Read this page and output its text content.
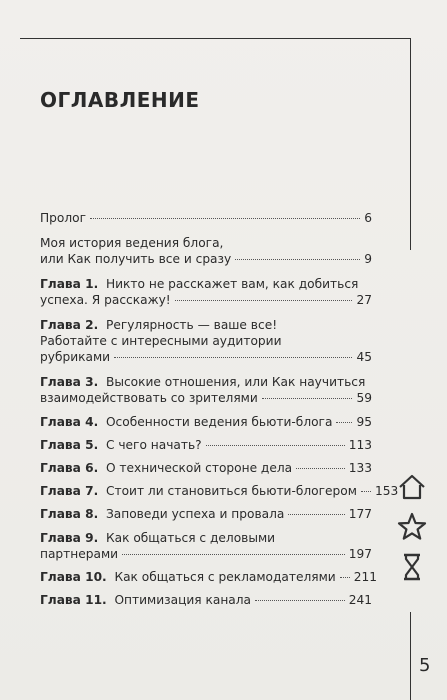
ОГЛАВЛЕНИЕ
Пролог	6
Моя история ведения блога,
или Как получить все и сразу	9
Глава 1. Никто не расскажет вам, как добиться
успеха. Я расскажу!	27
Глава 2. Регулярность — ваше все!
Работайте с интересными аудитории
рубриками	45
Глава 3. Высокие отношения, или Как научиться
взаимодействовать со зрителями	59
Глава 4. Особенности ведения бьюти-блога 95
Глава 5. С чего начать?	113
Глава 6. О технической стороне дела	133
Глава 7. Стоит ли становиться бьюти-блогером 153
Глава 8. Заповеди успеха и провала	177
Глава 9. Как общаться с деловыми
партнерами	197
Глава 10. Как общаться с рекламодателями 211
Глава 11. Оптимизация канала	241
5
